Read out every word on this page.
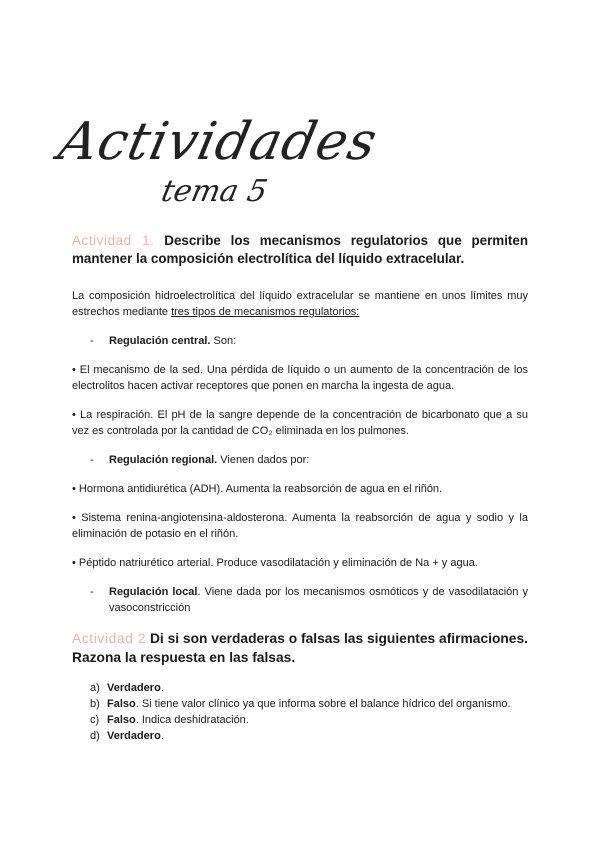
Actividades
tema 5

Actividad 1. Describe los mecanismos regulatorios que permiten mantener la composición electrolítica del líquido extracelular.

La composición hidroelectrolítica del líquido extracelular se mantiene en unos límites muy estrechos mediante tres tipos de mecanismos regulatorios:

- Regulación central. Son:

• El mecanismo de la sed. Una pérdida de líquido o un aumento de la concentración de los electrolitos hacen activar receptores que ponen en marcha la ingesta de agua.

• La respiración. El pH de la sangre depende de la concentración de bicarbonato que a su vez es controlada por la cantidad de CO₂ eliminada en los pulmones.

- Regulación regional. Vienen dados por:

• Hormona antidiurética (ADH). Aumenta la reabsorción de agua en el riñón.

• Sistema renina-angiotensina-aldosterona. Aumenta la reabsorción de agua y sodio y la eliminación de potasio en el riñón.

• Péptido natriurético arterial. Produce vasodilatación y eliminación de Na + y agua.

- Regulación local. Viene dada por los mecanismos osmóticos y de vasodilatación y vasoconstricción

Actividad 2 Di si son verdaderas o falsas las siguientes afirmaciones. Razona la respuesta en las falsas.

a) Verdadero.
b) Falso. Si tiene valor clínico ya que informa sobre el balance hídrico del organismo.
c) Falso. Indica deshidratación.
d) Verdadero.
